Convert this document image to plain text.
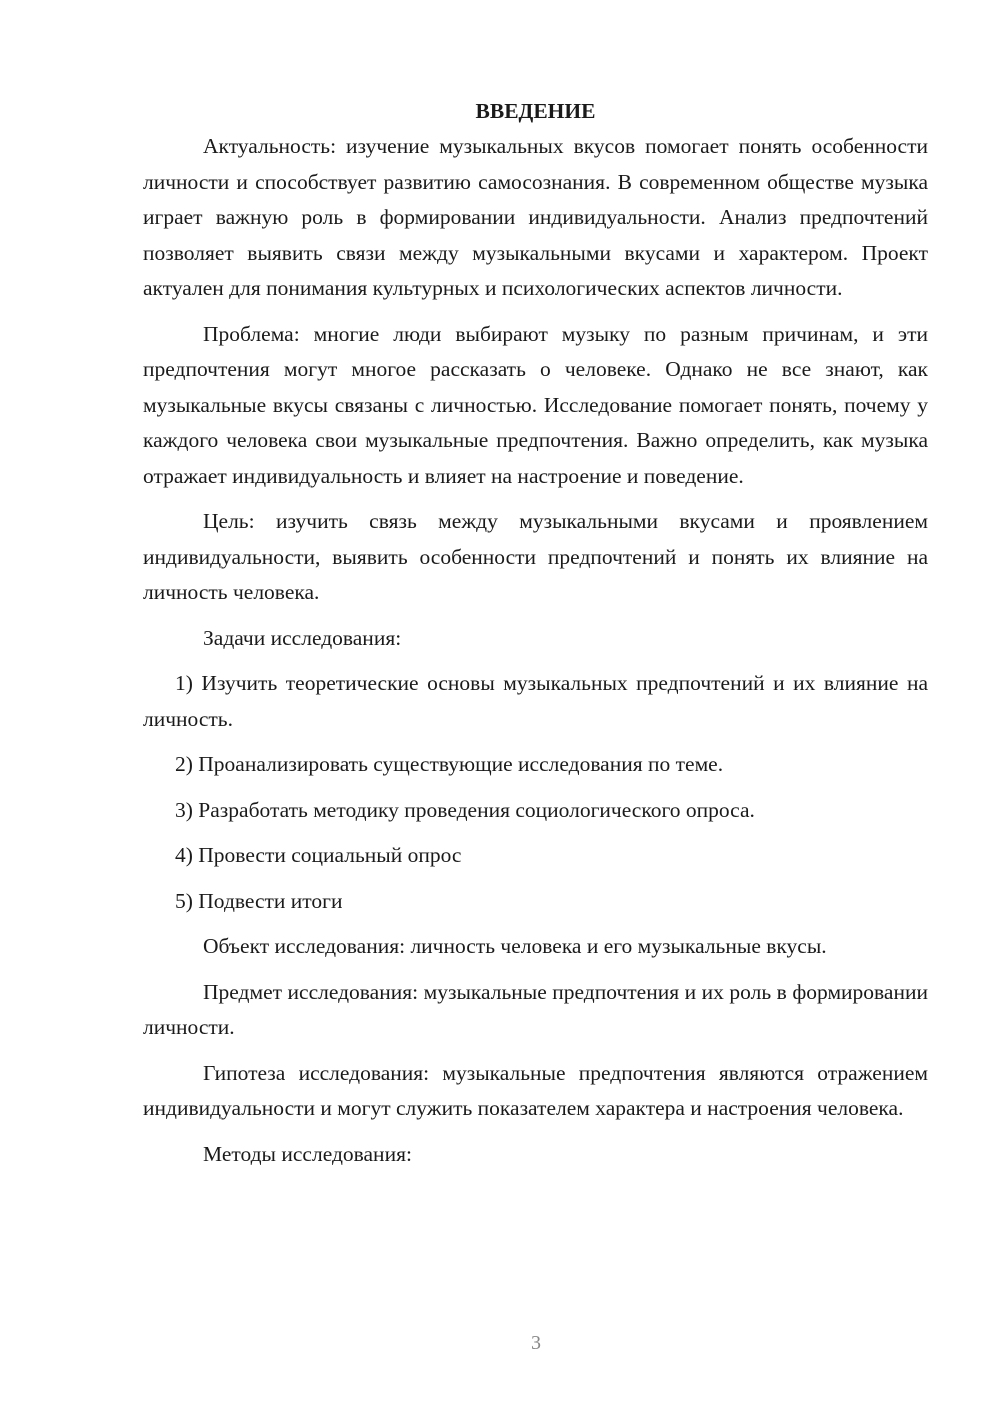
ВВЕДЕНИЕ

Актуальность: изучение музыкальных вкусов помогает понять особенности личности и способствует развитию самосознания. В современном обществе музыка играет важную роль в формировании индивидуальности. Анализ предпочтений позволяет выявить связи между музыкальными вкусами и характером. Проект актуален для понимания культурных и психологических аспектов личности.

Проблема: многие люди выбирают музыку по разным причинам, и эти предпочтения могут многое рассказать о человеке. Однако не все знают, как музыкальные вкусы связаны с личностью. Исследование помогает понять, почему у каждого человека свои музыкальные предпочтения. Важно определить, как музыка отражает индивидуальность и влияет на настроение и поведение.

Цель: изучить связь между музыкальными вкусами и проявлением индивидуальности, выявить особенности предпочтений и понять их влияние на личность человека.

Задачи исследования:

1) Изучить теоретические основы музыкальных предпочтений и их влияние на личность.

2) Проанализировать существующие исследования по теме.

3) Разработать методику проведения социологического опроса.

4) Провести социальный опрос

5) Подвести итоги

Объект исследования: личность человека и его музыкальные вкусы.

Предмет исследования: музыкальные предпочтения и их роль в формировании личности.

Гипотеза исследования: музыкальные предпочтения являются отражением индивидуальности и могут служить показателем характера и настроения человека.

Методы исследования:

3
